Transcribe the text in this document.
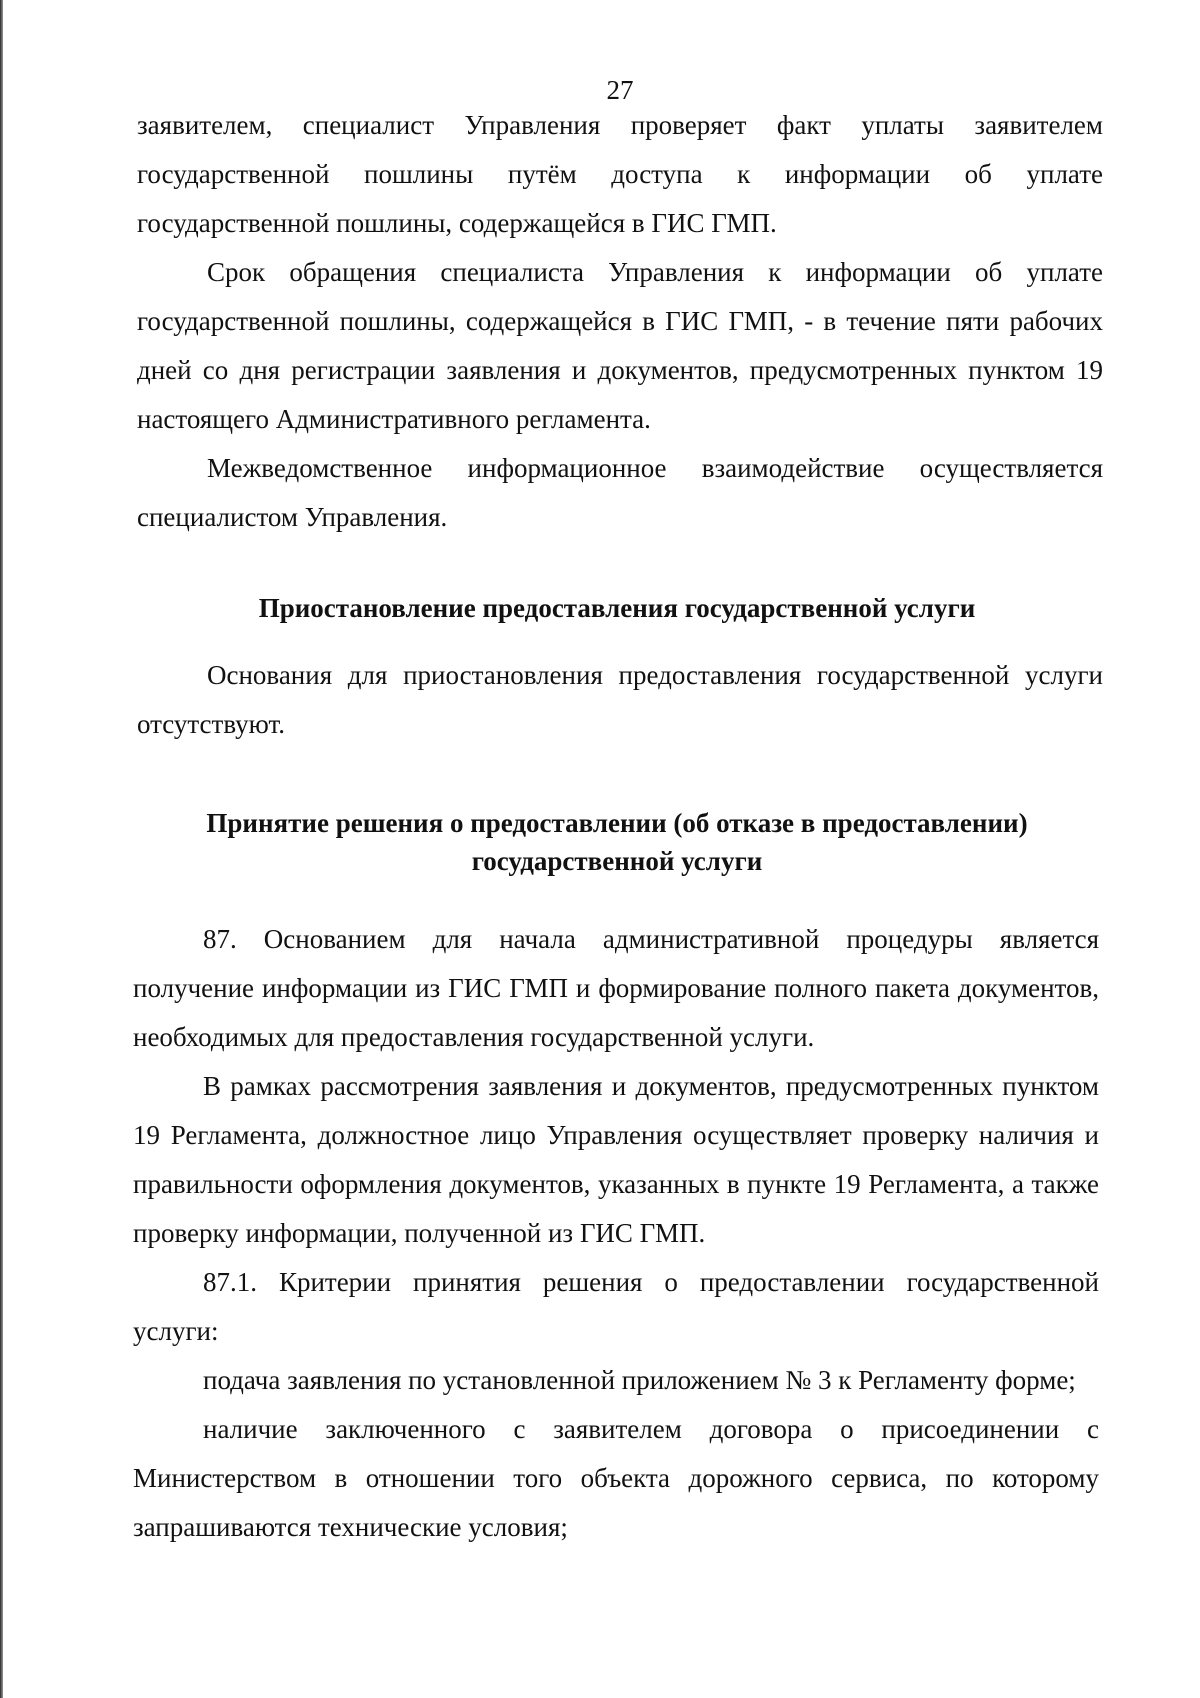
27

заявителем, специалист Управления проверяет факт уплаты заявителем государственной пошлины путём доступа к информации об уплате государственной пошлины, содержащейся в ГИС ГМП.

Срок обращения специалиста Управления к информации об уплате государственной пошлины, содержащейся в ГИС ГМП, - в течение пяти рабочих дней со дня регистрации заявления и документов, предусмотренных пунктом 19 настоящего Административного регламента.

Межведомственное информационное взаимодействие осуществляется специалистом Управления.

Приостановление предоставления государственной услуги

Основания для приостановления предоставления государственной услуги отсутствуют.

Принятие решения о предоставлении (об отказе в предоставлении)
государственной услуги

87. Основанием для начала административной процедуры является получение информации из ГИС ГМП и формирование полного пакета документов, необходимых для предоставления государственной услуги.

В рамках рассмотрения заявления и документов, предусмотренных пунктом 19 Регламента, должностное лицо Управления осуществляет проверку наличия и правильности оформления документов, указанных в пункте 19 Регламента, а также проверку информации, полученной из ГИС ГМП.

87.1. Критерии принятия решения о предоставлении государственной услуги:

подача заявления по установленной приложением № 3 к Регламенту форме;

наличие заключенного с заявителем договора о присоединении с Министерством в отношении того объекта дорожного сервиса, по которому запрашиваются технические условия;
